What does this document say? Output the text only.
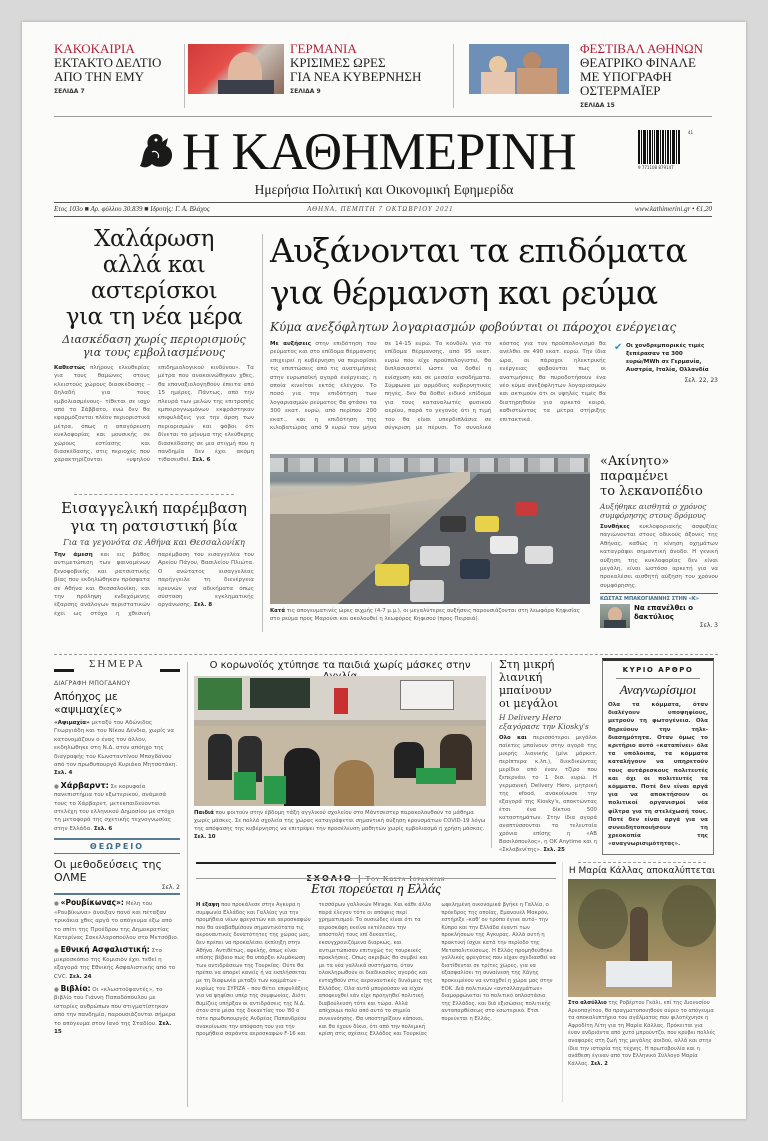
ΚΑΚΟΚΑΙΡΙΑ
ΕΚΤΑΚΤΟ ΔΕΛΤΙΟ
ΑΠΟ ΤΗΝ ΕΜΥ
ΣΕΛΙΔΑ 7
ΓΕΡΜΑΝΙΑ
ΚΡΙΣΙΜΕΣ ΩΡΕΣ
ΓΙΑ ΝΕΑ ΚΥΒΕΡΝΗΣΗ
ΣΕΛΙΔΑ 9
ΦΕΣΤΙΒΑΛ ΑΘΗΝΩΝ
ΘΕΑΤΡΙΚΟ ΦΙΝΑΛΕ
ΜΕ ΥΠΟΓΡΑΦΗ ΟΣΤΕΡΜΑΪΕΡ
ΣΕΛΙΔΑ 15
Η ΚΑΘΗΜΕΡΙΝΗ	9 771108 879147
41
Ημερήσια Πολιτική και Οικονομική Εφημερίδα
Ετος 103ο ■ Αρ. φύλλου 30.839 ■ Ιδρυτής: Γ. Α. Βλάχος	ΑΘΗΝΑ, ΠΕΜΠΤΗ 7 ΟΚΤΩΒΡΙΟΥ 2021	www.kathimerini.gr • €1,20
Χαλάρωση
αλλά και
αστερίσκοι
για τη νέα μέρα
Διασκέδαση χωρίς περιορισμούς για τους εμβολιασμένους
Καθεστώς πλήρους ελευθερίας για τους θαμώνες στους κλειστούς χώρους διασκέδασης –δηλαδή για τους εμβολιασμένους– τίθεται σε ισχύ από το Σάββατο, ενώ δεν θα εφαρμόζονται πλέον περιοριστικά μέτρα, όπως η απαγόρευση κυκλοφορίας και μουσικής σε χώρους εστίασης και διασκέδασης, στις περιοχές που χαρακτηρίζονται «υψηλού επιδημιολογικού κινδύνου». Τα μέτρα που ανακοινώθηκαν χθες, θα επαναξιολογηθούν έπειτα από 15 ημέρες. Πάντως, από την πλευρά των μελών της επιτροπής εμπειρογνωμόνων εκφράστηκαν επιφυλάξεις για την άρση των περιορισμών και φόβοι ότι δίνεται το μήνυμα της ελεύθερης διασκέδασης σε μια στιγμή που η πανδημία δεν έχει ακόμη τιθασευθεί. Σελ. 6
Εισαγγελική παρέμβαση
για τη ρατσιστική βία
Για τα γεγονότα σε Αθήνα και Θεσσαλονίκη
Την άμεση και εις βάθος αντιμετώπιση των φαινομένων ξενοφοβικής και ρατσιστικής βίας που εκδηλώθηκαν πρόσφατα σε Αθήνα και Θεσσαλονίκη, και την πρόληψη ενδεχόμενης έξαρσης ανάλογων περιστατικών έχει ως στόχο η χθεσινή παρέμβαση του εισαγγελέα του Αρείου Πάγου, Βασιλείου Πλιώτα. Ο ανώτατος εισαγγελέας παρήγγειλε τη διενέργεια ερευνών για αδικήματα όπως σύσταση εγκληματικής οργάνωσης. Σελ. 8
Αυξάνονται τα επιδόματα
για θέρμανση και ρεύμα
Κύμα ανεξόφλητων λογαριασμών φοβούνται οι πάροχοι ενέργειας
Με αυξήσεις στην επιδότηση του ρεύματος και στο επίδομα θέρμανσης επιχειρεί η κυβέρνηση να περιορίσει τις επιπτώσεις από τις ανατιμήσεις στην ευρωπαϊκή αγορά ενέργειας, η οποία κινείται εκτός ελέγχου. Το ποσό για την επιδότηση των λογαριασμών ρεύματος θα φτάσει τα 300 εκατ. ευρώ, από περίπου 200 εκατ., και η επιδότηση της κιλοβατώρας από 9 ευρώ τον μήνα σε 14-15 ευρώ. Το κονδύλι για το επίδομα θέρμανσης, από 95 εκατ. ευρώ που είχε προϋπολογιστεί, θα διπλασιαστεί ώστε να δοθεί η ενίσχυση και σε μεσαία εισοδήματα. Σύμφωνα με αρμόδιες κυβερνητικές πηγές, δεν θα δοθεί ειδικό επίδομα για τους καταναλωτές φυσικού αερίου, παρά το γεγονός ότι η τιμή του θα είναι υπερδιπλάσια σε σύγκριση με πέρυσι. Το συνολικό κόστος για τον προϋπολογισμό θα ανέλθει σε 490 εκατ. ευρώ. Την ίδια ώρα, οι πάροχοι ηλεκτρικής ενέργειας φοβούνται πως οι ανατιμήσεις θα πυροδοτήσουν ένα νέο κύμα ανεξόφλητων λογαριασμών και ακτιμούν ότι οι υψηλές τιμές θα διατηρηθούν για αρκετό καιρό, καθιστώντας τα μέτρα στήριξης επιτακτικά.
✔ Οι χονδρεμπορικές τιμές ξεπέρασαν τα 300 ευρώ/MWh σε Γερμανία, Αυστρία, Ιταλία, Ολλανδία
Σελ. 22, 23
Κατά τις απογευματινές ώρες αιχμής (4-7 μ.μ.), οι μεγαλύτερες αυξήσεις παρουσιάζονται στη λεωφόρο Κηφισίας στο ρεύμα προς Μαρούσι και ακολουθεί η λεωφόρος Κηφισού (προς Πειραιά).
«Ακίνητο»
παραμένει
το λεκανοπέδιο
Αυξήθηκε αισθητά ο χρόνος συμφόρησης στους δρόμους
Συνθήκες κυκλοφοριακής ασφυξίας παγιώνονται στους οδικούς άξονες της Αθήνας, καθώς η κίνηση οχημάτων καταγράφει σημαντική άνοδο. Η γενική αύξηση της κυκλοφορίας δεν είναι μεγάλη, είναι ωστόσο αρκετή για να προκαλέσει αισθητή αύξηση του χρόνου συμφόρησης.
ΚΩΣΤΑΣ ΜΠΑΚΟΓΙΑΝΝΗΣ ΣΤΗΝ «Κ»
Να επανέλθει ο δακτύλιος
Σελ. 3
ΣΗΜΕΡΑ
ΔΙΑΓΡΑΦΗ ΜΠΟΓΔΑΝΟΥ
Απόηχος με «αψιμαχίες»
«Αψιμαχία» μεταξύ του Αδώνιδος Γεωργιάδη και του Νίκου Δένδια, χωρίς να κατονομάζουν ο ένας τον άλλον, εκδηλώθηκε στη Ν.Δ. στον απόηχο της διαγραφής του Κωνσταντίνου Μπογδάνου από τον πρωθυπουργό Κυριάκο Μητσοτάκη. Σελ. 4
● Χάρβαρντ: Σε κορυφαία πανεπιστήμια του εξωτερικού, ανάμεσά τους το Χάρβαρντ, μετεκπαιδεύονται στελέχη του ελληνικού Δημοσίου με στόχο τη μεταφορά της σχετικής τεχνογνωσίας στην Ελλάδα. Σελ. 6
ΘΕΩΡΕΙΟ
Οι μεθοδεύσεις της ΟΛΜΕ
Σελ. 2
● «Ρουβίκωνας»: Μέλη του «Ρουβίκωνα» άνοιξαν πανό και πέταξαν τρικάκια χθες αργά το απόγευμα έξω από το σπίτι της Προέδρου της Δημοκρατίας Κατερίνας Σακελλαροπούλου στο Μετσόβιο.
● Εθνική Ασφαλιστική: Στο μικροσκόπιο της Κομισιόν έχει τεθεί η εξαγορά της Εθνικής Ασφαλιστικής από το CVC. Σελ. 24
● Βιβλίο: Οι «κλωστοϋφαντές», το βιβλίο του Γιάννη Παπαδόπουλου με ιστορίες ανθρώπων που στιγματίστηκαν από την πανδημία, παρουσιάζονται σήμερα το απόγευμα στον Ιανό της Σταδίου. Σελ. 15
Ο κορωνοϊός χτύπησε τα παιδιά χωρίς μάσκες στην
Παιδιά που φοιτούν στην έβδομη τάξη αγγλικού σχολείου στο Μάντσεστερ παρακολουθούν το μάθημα χωρίς μάσκες. Σε πολλά σχολεία της χώρας καταγράφεται σημαντική αύξηση κρουσμάτων COVID-19 λόγω της απόφασης της κυβέρνησης να επιτρέψει την προσέλευση μαθητών χωρίς εμβολιασμό ή χρήση μάσκας. Σελ. 10
Στη μικρή
λιανική μπαίνουν
οι μεγάλοι
Η Delivery Hero εξαγόρασε την Kiosky's
Ολο και περισσότεροι μεγάλοι παίκτες μπαίνουν στην αγορά της μικρής λιανικής (μίνι μάρκετ, περίπτερα κ.λπ.), διεκδικώντας μερίδιο από έναν τζίρο που ξεπερνάει το 1 δισ. ευρώ. Η γερμανική Delivery Hero, μητρική της efood, ανακοίνωσε την εξαγορά της Kiosky's, αποκτώντας έτσι ένα δίκτυο 500 καταστημάτων. Στην ίδια αγορά αναπτύσσονται τα τελευταία χρόνια επίσης η «ΑΒ Βασιλόπουλος», η ΟΚ Anytime και η «Σκλαβενίτης». Σελ. 25
ΚΥΡΙΟ ΑΡΘΡΟ
Αναγνωρίσιμοι
Ολα τα κόμματα, όταν διαλέγουν υποψηφίους, μετρούν τη φωτογένεια. Ολα θηρεύουν την τηλε-διασημότητα. Οταν όμως το κριτήριο αυτό «καταπίνει» όλα τα υπόλοιπα, τα κόμματα καταλήγουν να υπηρετούν τους αυτάρεσκους πολιτευτές και όχι οι πολιτευτές τα κόμματα. Ποτέ δεν είναι αργά για να αποκτήσουν οι πολιτικοί οργανισμοί νέα φίλτρα για τη στελέχωσή τους. Ποτέ δεν είναι αργά για να συνειδητοποιήσουν τη χρεοκοπία της «αναγνωρισιμότητας».
Ετσι πορεύεται η Ελλάς
Η έξαψη που προκάλεσε στην Αγκυρα η συμφωνία Ελλάδος και Γαλλίας για την προμήθεια νέων φρεγατών και αεροσκαφών που θα αναβαθμίσουν σημαντικότατα τις αεροναυτικές δυνατότητες της χώρας μας, δεν πρέπει να προκαλέσει έκπληξη στην Αθήνα. Αντιθέτως, αφελής, όπως είναι επίσης βέβαιο πως θα υπάρξει κλιμάκωση των αντιδράσεων της Τουρκίας. Ούτε θα πρέπει να απορεί κανείς ή να εκπλήσσεται με τη διαφωνία μεταξύ των κομμάτων – κυρίως του ΣΥΡΙΖΑ – που θέτει επιφυλάξεις για να ψηφίσει υπέρ της συμφωνίας. Διότι θυμίζεις υπήρξαν οι αντιδράσεις της Ν.Δ. όταν στα μέσα της δεκαετίας του '80 ο τότε πρωθυπουργός Ανδρέας Παπανδρέου ανακοίνωσε την απόφαση του για την προμήθεια σαράντα αεροσκαφών F-16 και τεσσάρων γαλλικών Mirage. Και κάθε άλλο παρά έλεγαν τότε οι απόψεις περί χρηματισμού. Το ουσιώδες είναι ότι τα αεροσκάφη εκείνα εκτέλεσαν την αποστολή τους επί δεκαετίες, εκσυγχρονιζόμενα διαρκώς, και αντιμετώπισαν επιτυχώς τις τουρκικές προκλήσεις. Οπως ακριβώς θα συμβεί και με τα νέα γαλλικά συστήματα, όταν ολοκληρωθούν οι διαδικασίες αγοράς και ενταχθούν στις αεροναυτικές δυνάμεις της Ελλάδος. Ολα αυτά μπορούσαν να είχαν αποφευχθεί εάν είχε προηγηθεί πολιτική διαβούλευση τότε και τώρα. Αλλά απέχουμε πολύ από αυτό το σημείο συνεννόησης. Θα υποστηρίξουν κάποιοι, και θα έχουν δίκιο, ότι από την πολεμική κρίση στις σχέσεις Ελλάδος και Τουρκίας ωφελημένη οικονομικά βγήκε η Γαλλία, ο πρόεδρος της οποίας, Εμανουέλ Μακρόν, εστήριξε –καθ' ον τρόπο έγινε αυτό– την Κύπρο και την Ελλάδα έναντι των προκλήσεων της Αγκυρας. Αλλά αυτή η πρακτική ίσχυε κατά την περίοδο της Μεταπολιτεύσεως. Η Ελλάς προμηθεύθηκε γαλλικές φρεγάτες που είχαν σχεδιασθεί να διατίθενται σε τρίτες χώρες, για να εξασφαλίσει τη συναίνεση της Χάγης προκειμένου να ενταχθεί η χώρα μας στην ΕΟΚ. Διά πολιτικών «ανταλλαγμάτων» διαμορφώνεται το πολιτικό οπλοστάσιο της Ελλάδος, και διά εξισώσεις πολιτικής ανταπαρθέσεως στο εσωτερικό. Ετσι πορεύεται η Ελλάς.
Η Μαρία Κάλλας αποκαλύπτεται
Στο αλσύλλιο της Ροβέρτου Γκάλι, επί της Διονυσίου Αρεοπαγίτου, θα πραγματοποιηθούν αύριο το απόγευμα τα αποκαλυπτήρια του αγάλματος που φιλοτέχνησε η Αφροδίτη Λίτη για τη Μαρία Κάλλας. Πρόκειται για έναν ανδριάντα από χυτό μπρούντζο, που κρύβει πολλές αναφορές στη ζωή της μεγάλης αοιδού, αλλά και στην ίδια την ιστορία της τέχνης. Η πρωτοβουλία και η ανάθεση έγιναν από τον Ελληνικό Σύλλογο Μαρία Κάλλας. Σελ. 2
